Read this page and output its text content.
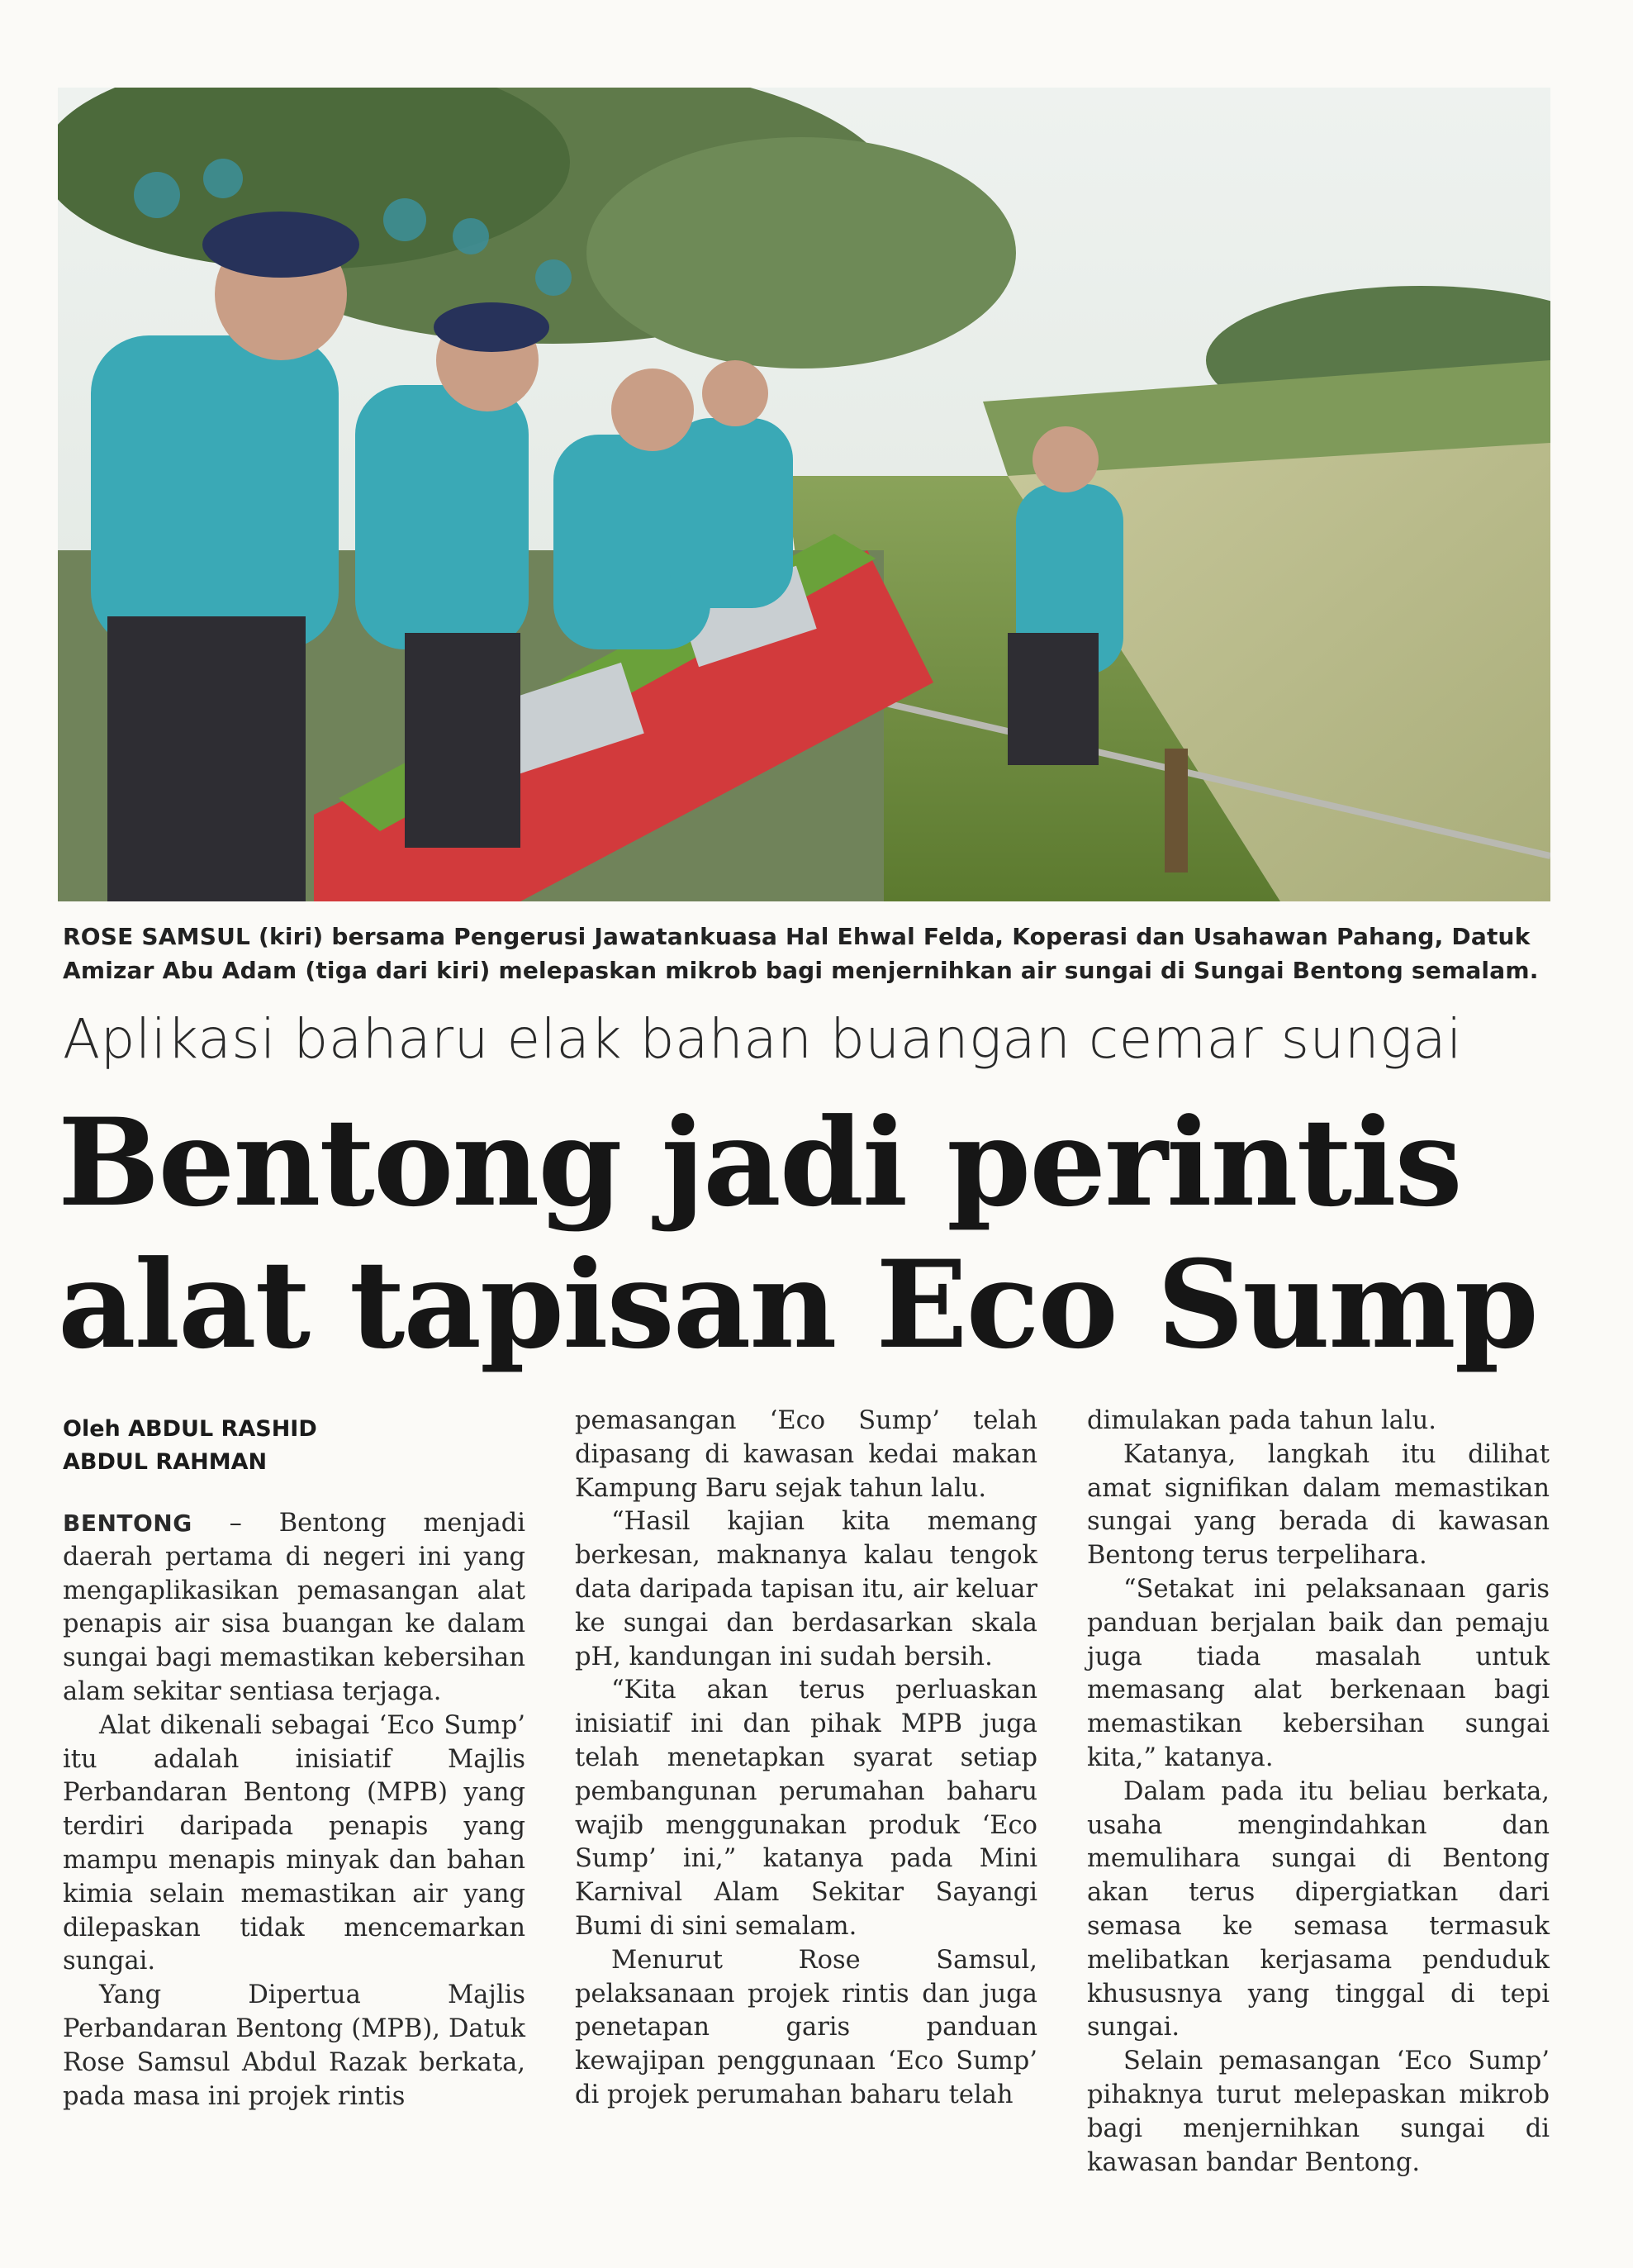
ROSE SAMSUL (kiri) bersama Pengerusi Jawatankuasa Hal Ehwal Felda, Koperasi dan Usahawan Pahang, Datuk Amizar Abu Adam (tiga dari kiri) melepaskan mikrob bagi menjernihkan air sungai di Sungai Bentong semalam.
Aplikasi baharu elak bahan buangan cemar sungai
Bentong jadi perintis
alat tapisan Eco Sump
Oleh ABDUL RASHID
ABDUL RAHMAN

BENTONG – Bentong menjadi daerah pertama di negeri ini yang mengaplikasikan pemasangan alat penapis air sisa buangan ke dalam sungai bagi memastikan kebersihan alam sekitar sentiasa terjaga.

Alat dikenali sebagai ‘Eco Sump’ itu adalah inisiatif Majlis Perbandaran Bentong (MPB) yang terdiri daripada penapis yang mampu menapis minyak dan bahan kimia selain memastikan air yang dilepaskan tidak mencemarkan sungai.

Yang Dipertua Majlis Perbandaran Bentong (MPB), Datuk Rose Samsul Abdul Razak berkata, pada masa ini projek rintis

pemasangan ‘Eco Sump’ telah dipasang di kawasan kedai makan Kampung Baru sejak tahun lalu.

“Hasil kajian kita memang berkesan, maknanya kalau tengok data daripada tapisan itu, air keluar ke sungai dan berdasarkan skala pH, kandungan ini sudah bersih.

“Kita akan terus perluaskan inisiatif ini dan pihak MPB juga telah menetapkan syarat setiap pembangunan perumahan baharu wajib menggunakan produk ‘Eco Sump’ ini,” katanya pada Mini Karnival Alam Sekitar Sayangi Bumi di sini semalam.

Menurut Rose Samsul, pelaksanaan projek rintis dan juga penetapan garis panduan kewajipan penggunaan ‘Eco Sump’ di projek perumahan baharu telah

dimulakan pada tahun lalu.

Katanya, langkah itu dilihat amat signifikan dalam memastikan sungai yang berada di kawasan Bentong terus terpelihara.

“Setakat ini pelaksanaan garis panduan berjalan baik dan pemaju juga tiada masalah untuk memasang alat berkenaan bagi memastikan kebersihan sungai kita,” katanya.

Dalam pada itu beliau berkata, usaha mengindahkan dan memulihara sungai di Bentong akan terus dipergiatkan dari semasa ke semasa termasuk melibatkan kerjasama penduduk khususnya yang tinggal di tepi sungai.

Selain pemasangan ‘Eco Sump’ pihaknya turut melepaskan mikrob bagi menjernihkan sungai di kawasan bandar Bentong.
